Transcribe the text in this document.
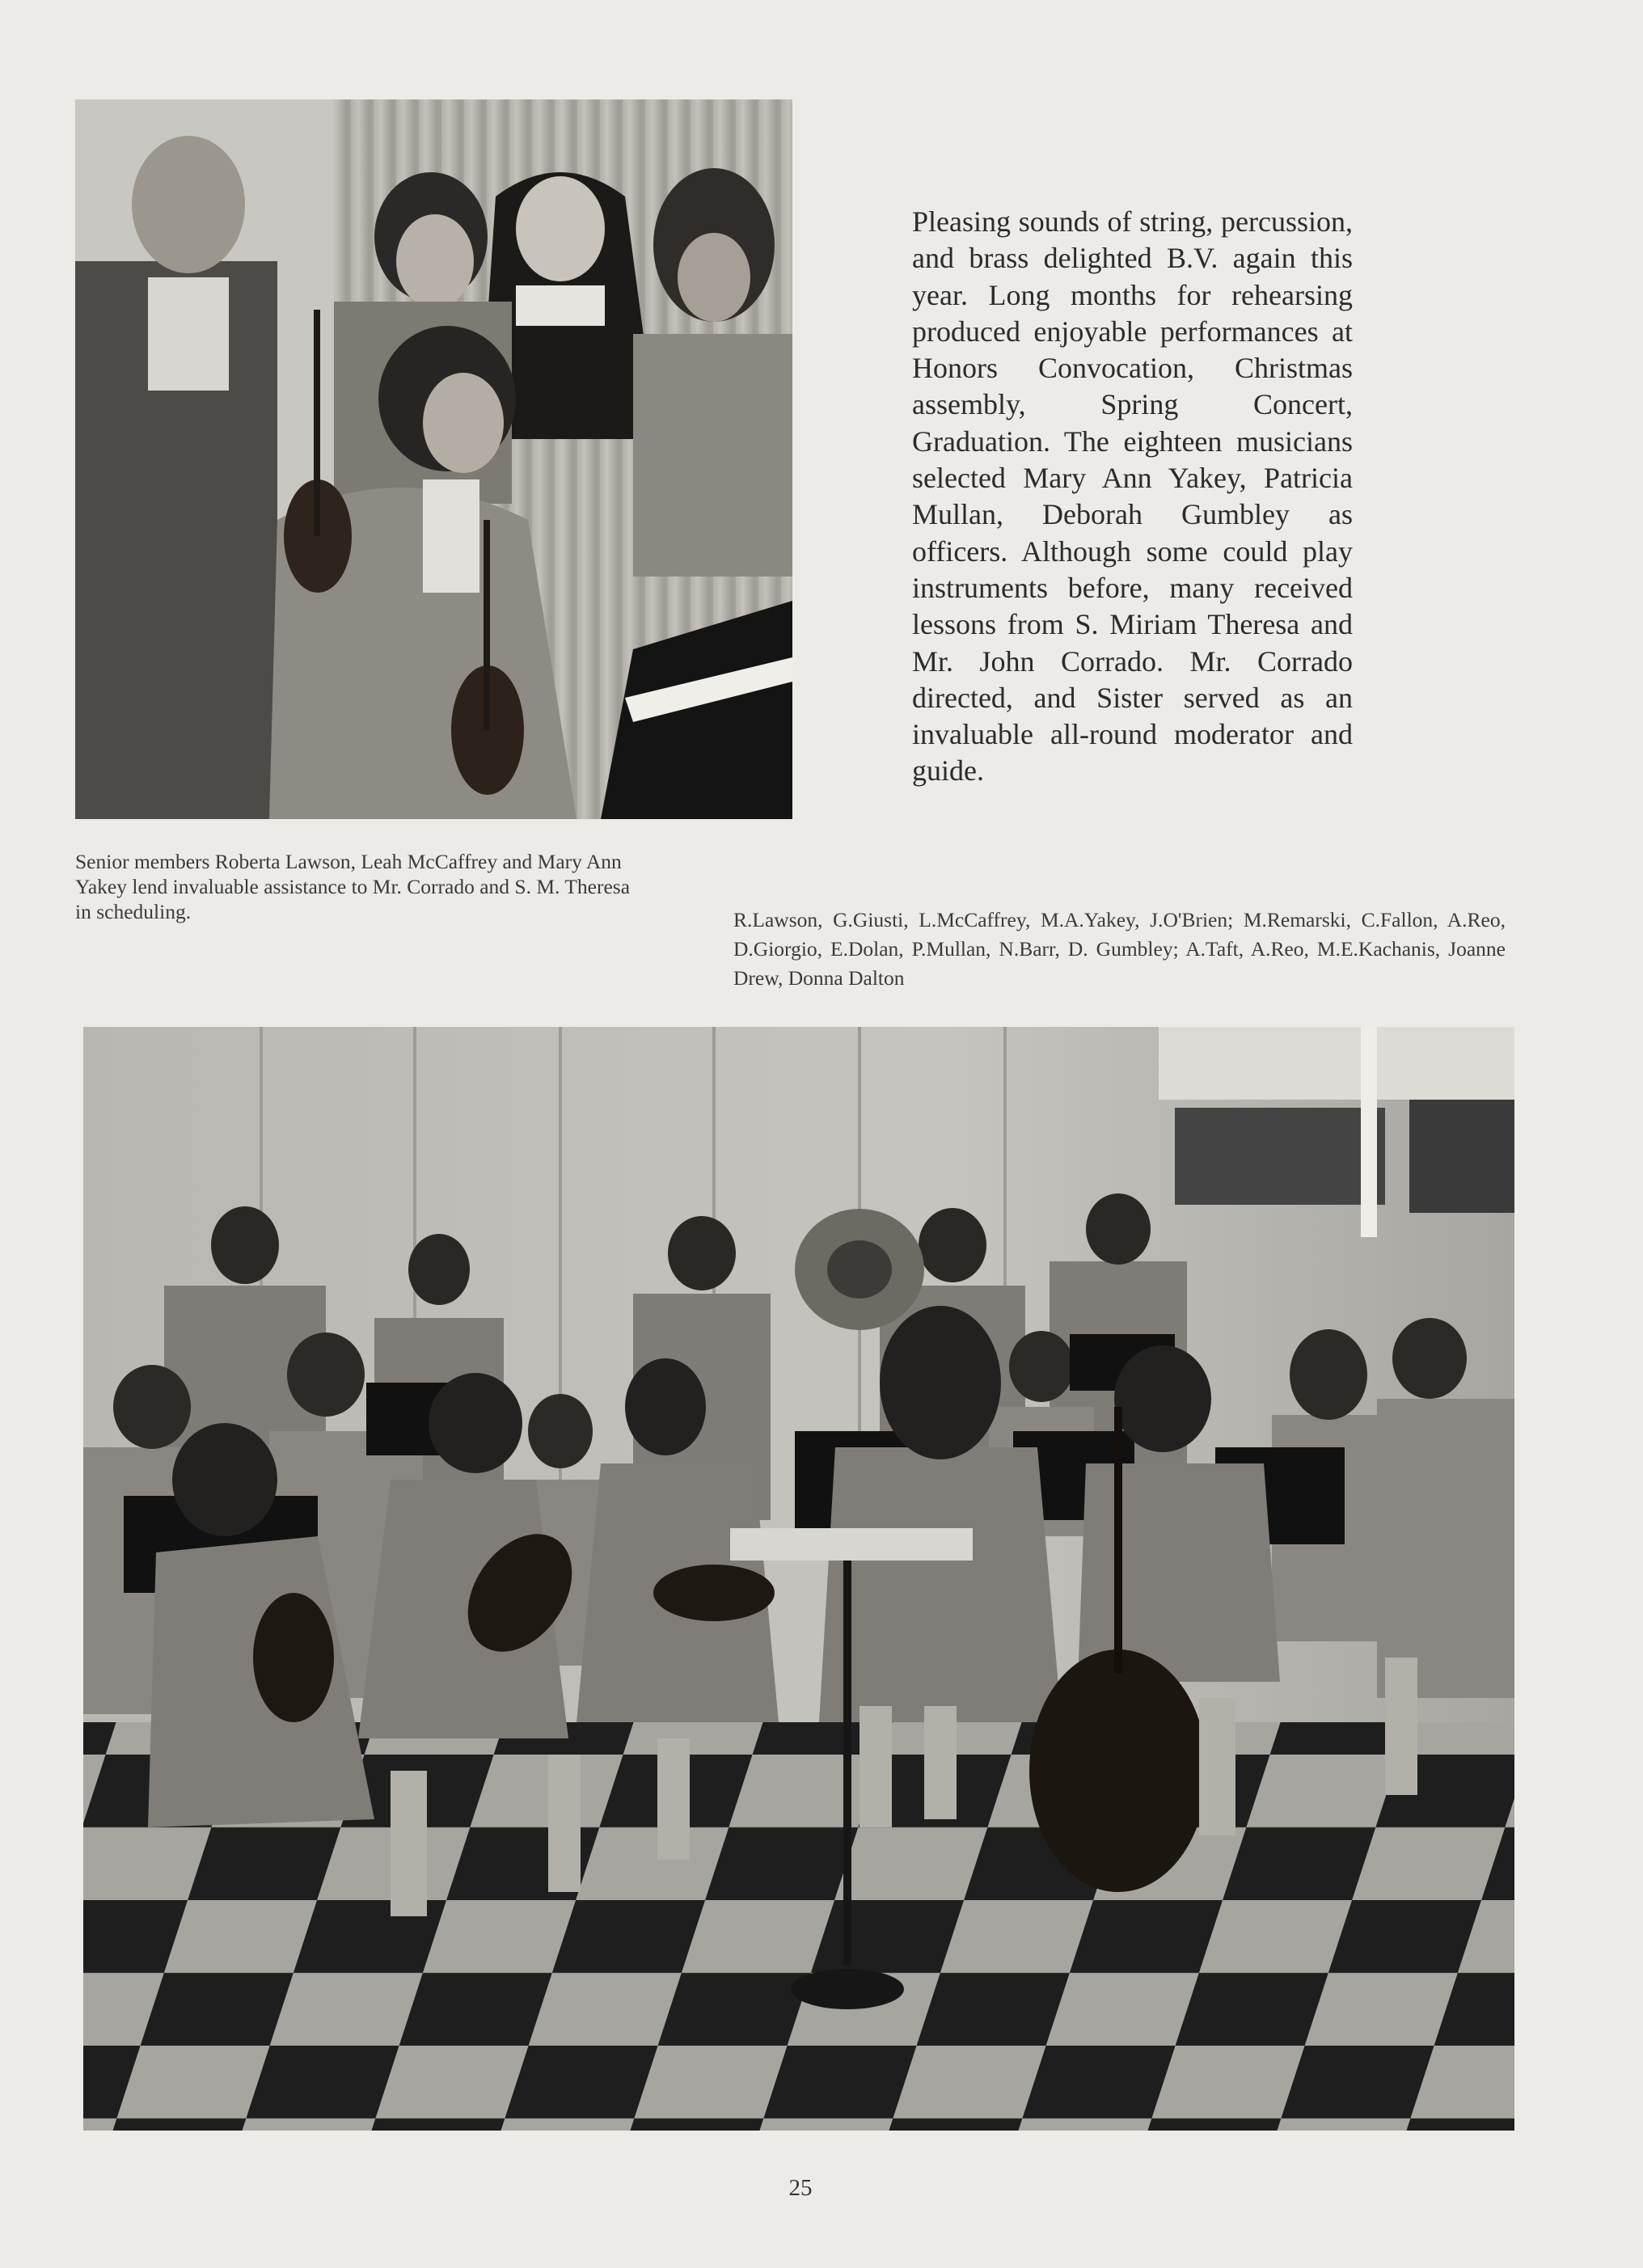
Pleasing sounds of string, percussion, and brass delighted B.V. again this year. Long months for rehearsing produced enjoyable performances at Honors Convocation, Christmas assembly, Spring Concert, Graduation. The eighteen musicians selected Mary Ann Yakey, Patricia Mullan, Deborah Gumbley as officers. Although some could play instruments before, many received lessons from S. Miriam Theresa and Mr. John Corrado. Mr. Corrado directed, and Sister served as an invaluable all-round moderator and guide.
Senior members Roberta Lawson, Leah McCaffrey and Mary Ann Yakey lend invaluable assistance to Mr. Corrado and S. M. Theresa in scheduling.	R.Lawson, G.Giusti, L.McCaffrey, M.A.Yakey, J.O'Brien; M.Remarski, C.Fallon, A.Reo, D.Giorgio, E.Dolan, P.Mullan, N.Barr, D. Gumbley; A.Taft, A.Reo, M.E.Kachanis, Joanne Drew, Donna Dalton
25
